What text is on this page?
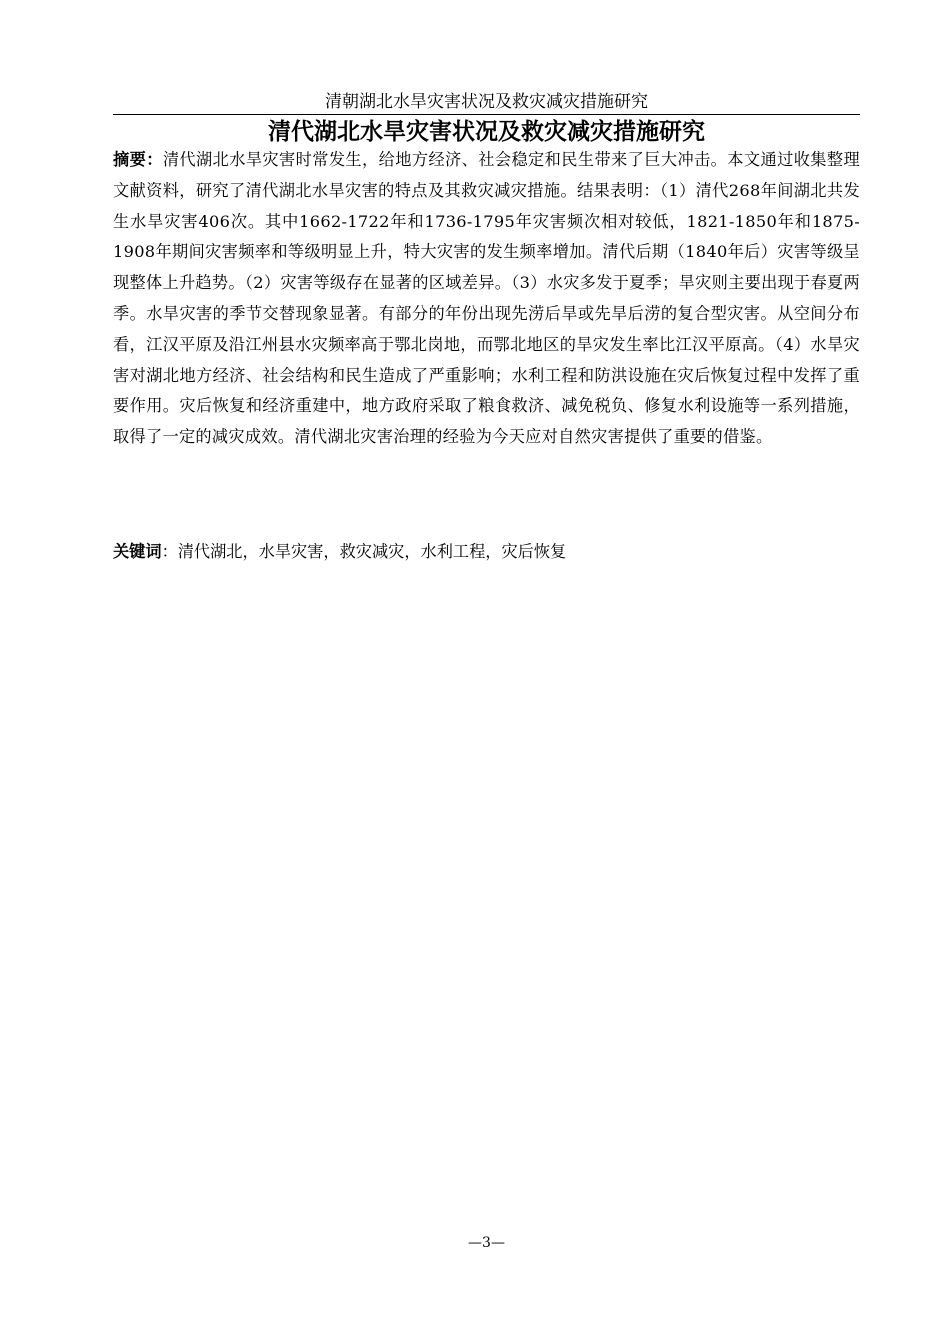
清朝湖北水旱灾害状况及救灾减灾措施研究
清代湖北水旱灾害状况及救灾减灾措施研究

摘要：清代湖北水旱灾害时常发生，给地方经济、社会稳定和民生带来了巨大冲击。本文通过收集整理文献资料，研究了清代湖北水旱灾害的特点及其救灾减灾措施。结果表明：（1）清代268年间湖北共发生水旱灾害406次。其中1662-1722年和1736-1795年灾害频次相对较低，1821-1850年和1875-1908年期间灾害频率和等级明显上升，特大灾害的发生频率增加。清代后期（1840年后）灾害等级呈现整体上升趋势。（2）灾害等级存在显著的区域差异。（3）水灾多发于夏季；旱灾则主要出现于春夏两季。水旱灾害的季节交替现象显著。有部分的年份出现先涝后旱或先旱后涝的复合型灾害。从空间分布看，江汉平原及沿江州县水灾频率高于鄂北岗地，而鄂北地区的旱灾发生率比江汉平原高。（4）水旱灾害对湖北地方经济、社会结构和民生造成了严重影响；水利工程和防洪设施在灾后恢复过程中发挥了重要作用。灾后恢复和经济重建中，地方政府采取了粮食救济、减免税负、修复水利设施等一系列措施，取得了一定的减灾成效。清代湖北灾害治理的经验为今天应对自然灾害提供了重要的借鉴。

关键词：清代湖北，水旱灾害，救灾减灾，水利工程，灾后恢复

—3—
